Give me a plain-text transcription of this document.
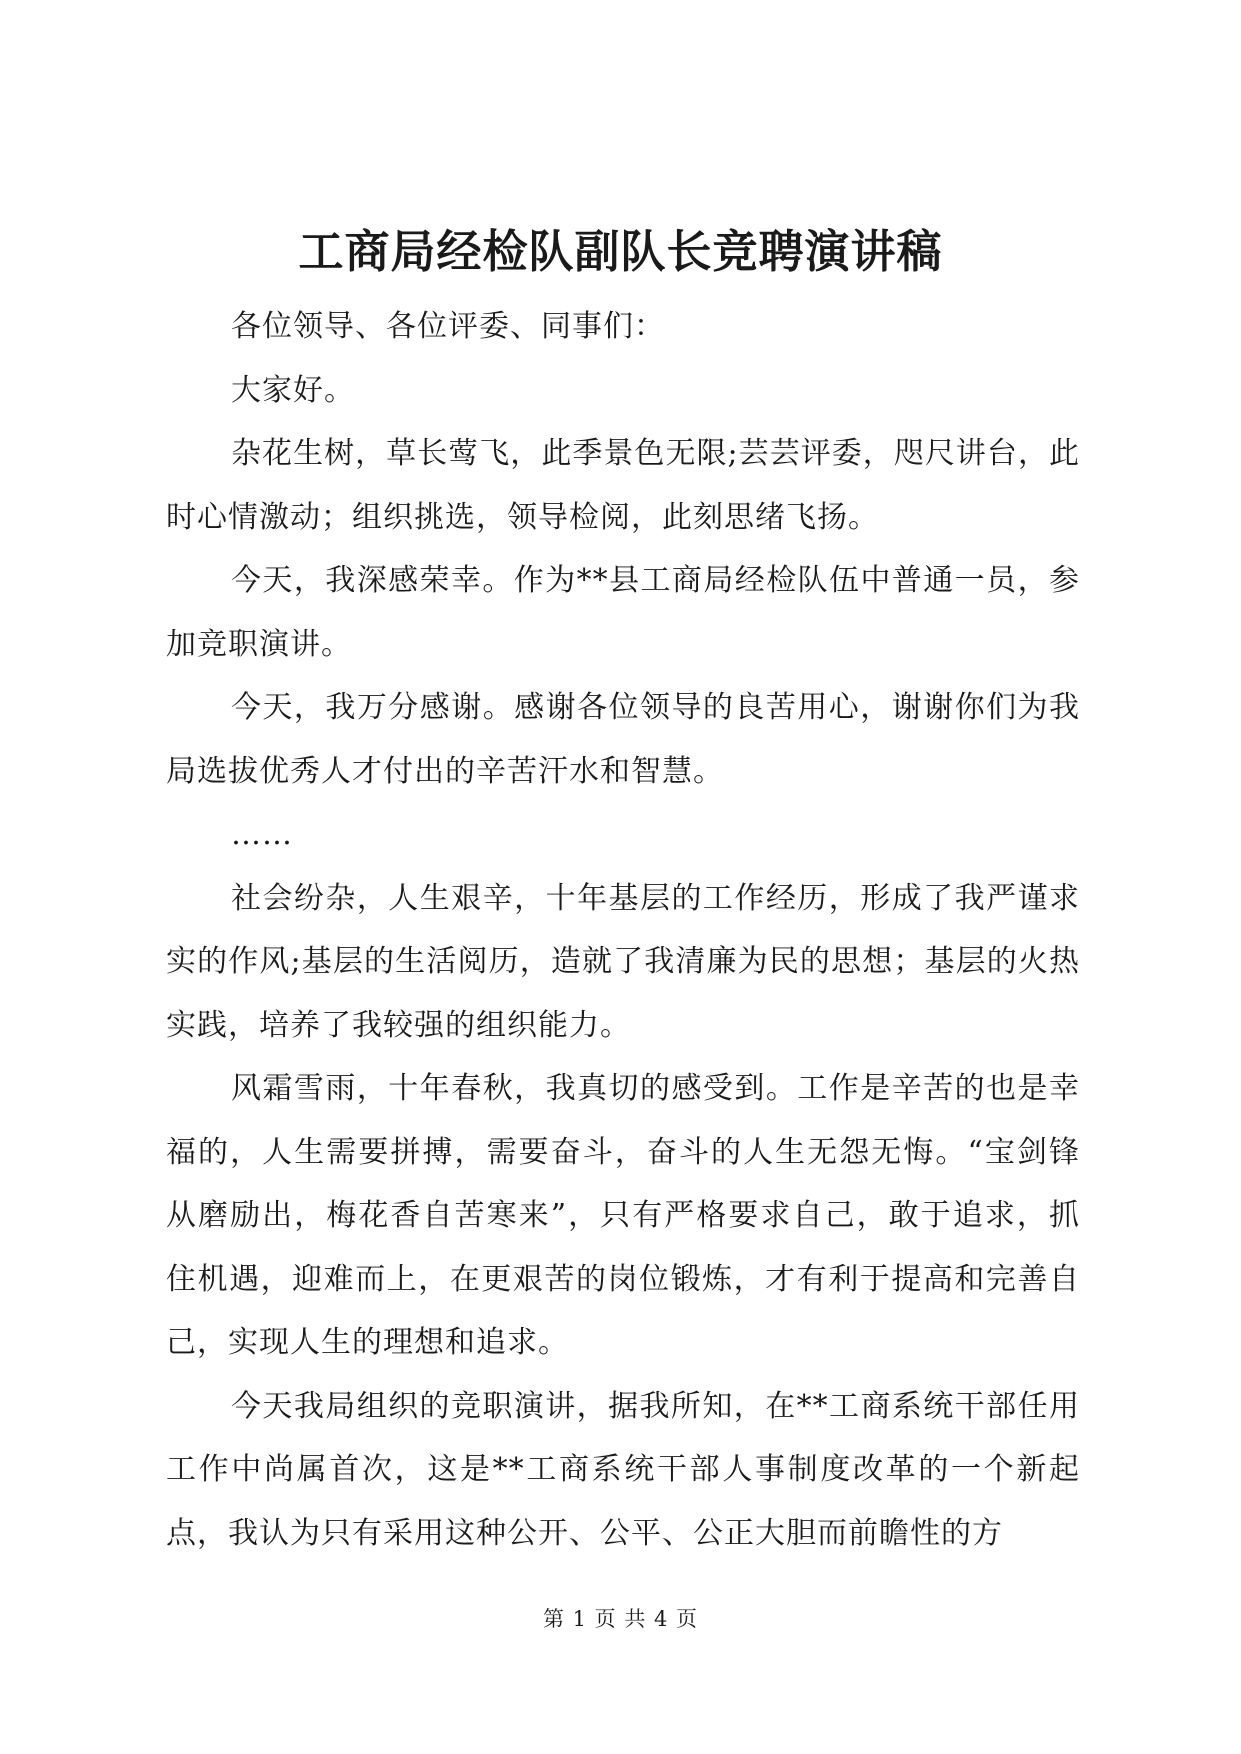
工商局经检队副队长竞聘演讲稿

各位领导、各位评委、同事们：

大家好。

杂花生树，草长莺飞，此季景色无限;芸芸评委，咫尺讲台，此时心情激动；组织挑选，领导检阅，此刻思绪飞扬。

今天，我深感荣幸。作为**县工商局经检队伍中普通一员，参加竞职演讲。

今天，我万分感谢。感谢各位领导的良苦用心，谢谢你们为我局选拔优秀人才付出的辛苦汗水和智慧。

……

社会纷杂，人生艰辛，十年基层的工作经历，形成了我严谨求实的作风;基层的生活阅历，造就了我清廉为民的思想；基层的火热实践，培养了我较强的组织能力。

风霜雪雨，十年春秋，我真切的感受到。工作是辛苦的也是幸福的，人生需要拼搏，需要奋斗，奋斗的人生无怨无悔。“宝剑锋从磨励出，梅花香自苦寒来”，只有严格要求自己，敢于追求，抓住机遇，迎难而上，在更艰苦的岗位锻炼，才有利于提高和完善自己，实现人生的理想和追求。

今天我局组织的竞职演讲，据我所知，在**工商系统干部任用工作中尚属首次，这是**工商系统干部人事制度改革的一个新起点，我认为只有采用这种公开、公平、公正大胆而前瞻性的方

第 1 页 共 4 页
